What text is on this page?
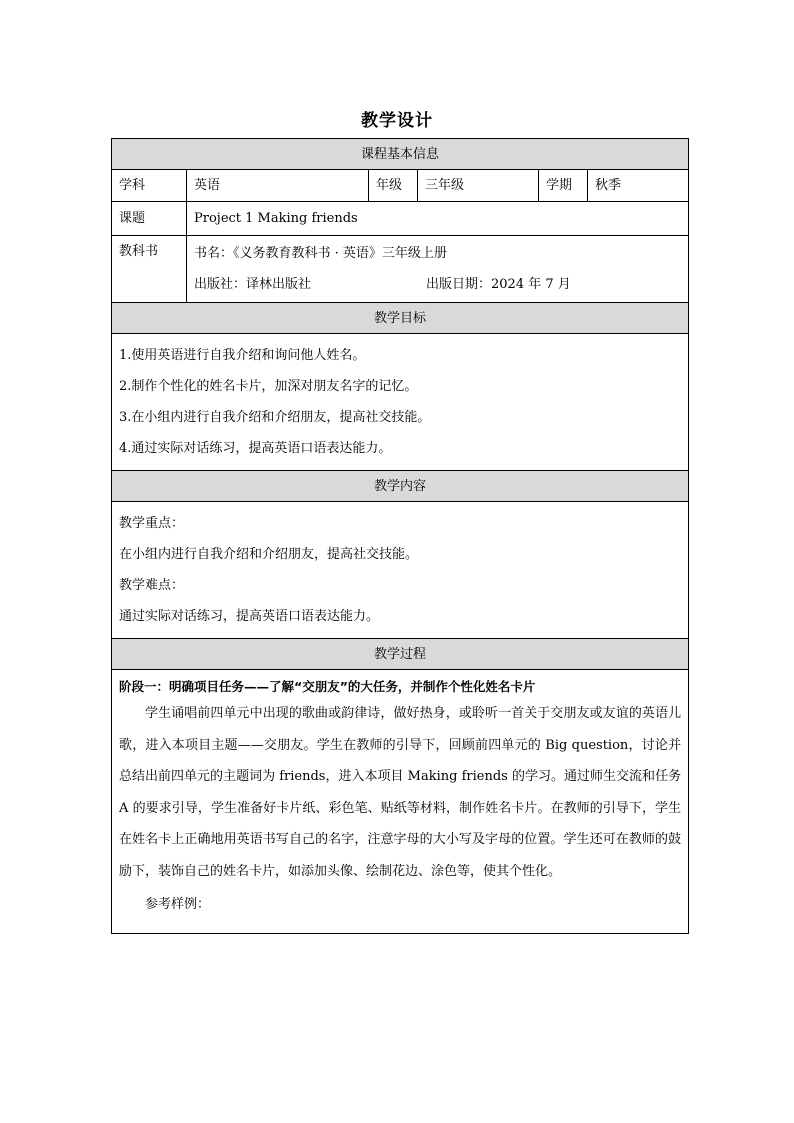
教学设计
课程基本信息					
学科	英语	年级	三年级	学期	秋季
课题	Project 1 Making friends				
教科书	书名：《义务教育教科书 · 英语》三年级上册
出版社：译林出版社 出版日期：2024 年 7 月				

教学目标					

1.使用英语进行自我介绍和询问他人姓名。

2.制作个性化的姓名卡片，加深对朋友名字的记忆。

3.在小组内进行自我介绍和介绍朋友，提高社交技能。

4.通过实际对话练习，提高英语口语表达能力。					

教学内容					

教学重点：

在小组内进行自我介绍和介绍朋友，提高社交技能。

教学难点：

通过实际对话练习，提高英语口语表达能力。					

教学过程					

阶段一：明确项目任务——了解“交朋友”的大任务，并制作个性化姓名卡片

学生诵唱前四单元中出现的歌曲或韵律诗，做好热身，或聆听一首关于交朋友或友谊的英语儿歌，进入本项目主题——交朋友。学生在教师的引导下，回顾前四单元的 Big question，讨论并总结出前四单元的主题词为 friends，进入本项目 Making friends 的学习。通过师生交流和任务 A 的要求引导，学生准备好卡片纸、彩色笔、贴纸等材料，制作姓名卡片。在教师的引导下，学生在姓名卡上正确地用英语书写自己的名字，注意字母的大小写及字母的位置。学生还可在教师的鼓励下，装饰自己的姓名卡片，如添加头像、绘制花边、涂色等，使其个性化。

参考样例：					
